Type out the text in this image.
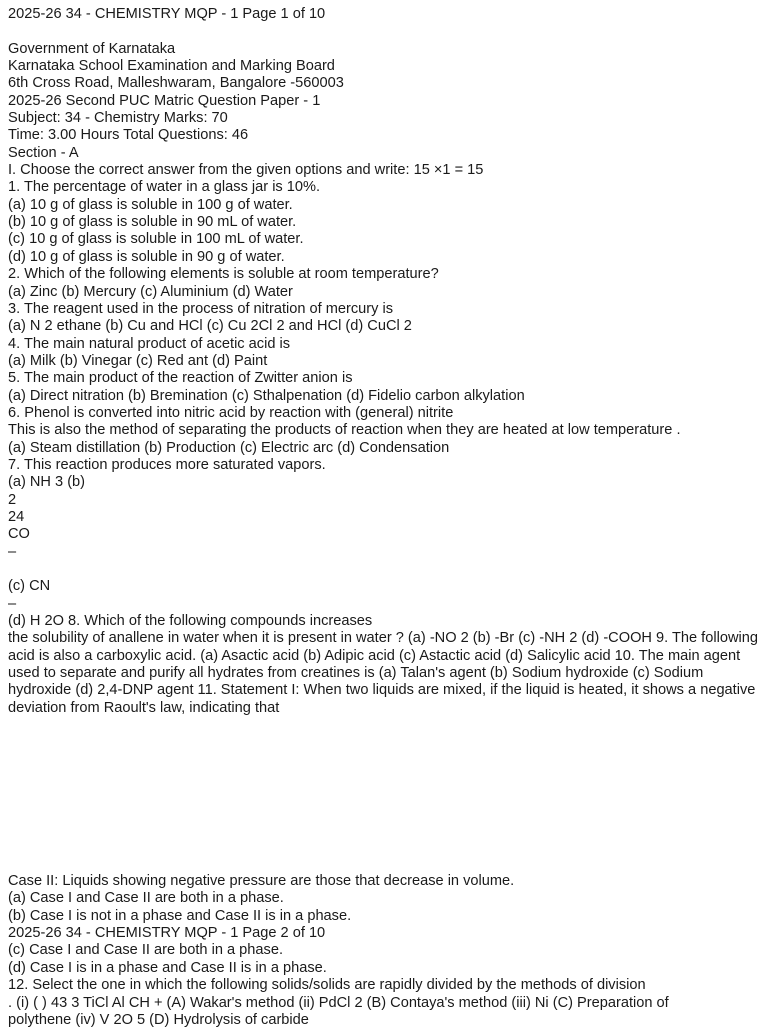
2025-26 34 - CHEMISTRY MQP - 1 Page 1 of 10

Government of Karnataka

Karnataka School Examination and Marking Board

6th Cross Road, Malleshwaram, Bangalore -560003

2025-26 Second PUC Matric Question Paper - 1

Subject: 34 - Chemistry Marks: 70

Time: 3.00 Hours Total Questions: 46

Section - A

I. Choose the correct answer from the given options and write: 15 ×1 = 15

1. The percentage of water in a glass jar is 10%.

(a) 10 g of glass is soluble in 100 g of water.

(b) 10 g of glass is soluble in 90 mL of water.

(c) 10 g of glass is soluble in 100 mL of water.

(d) 10 g of glass is soluble in 90 g of water.

2. Which of the following elements is soluble at room temperature?

(a) Zinc (b) Mercury (c) Aluminium (d) Water

3. The reagent used in the process of nitration of mercury is

(a) N 2 ethane (b) Cu and HCl (c) Cu 2Cl 2 and HCl (d) CuCl 2

4. The main natural product of acetic acid is

(a) Milk (b) Vinegar (c) Red ant (d) Paint

5. The main product of the reaction of Zwitter anion is

(a) Direct nitration (b) Bremination (c) Sthalpenation (d) Fidelio carbon alkylation

6. Phenol is converted into nitric acid by reaction with (general) nitrite

This is also the method of separating the products of reaction when they are heated at low temperature .

(a) Steam distillation (b) Production (c) Electric arc (d) Condensation

7. This reaction produces more saturated vapors.

(a) NH 3 (b)

2

24

CO

–

(c) CN

–

(d) H 2O 8. Which of the following compounds increases

the solubility of anallene in water when it is present in water ? (a) -NO 2 (b) -Br (c) -NH 2 (d) -COOH 9. The following acid is also a carboxylic acid. (a) Asactic acid (b) Adipic acid (c) Astactic acid (d) Salicylic acid 10. The main agent used to separate and purify all hydrates from creatines is (a) Talan's agent (b) Sodium hydroxide (c) Sodium hydroxide (d) 2,4-DNP agent 11. Statement I: When two liquids are mixed, if the liquid is heated, it shows a negative deviation from Raoult's law, indicating that

Case II: Liquids showing negative pressure are those that decrease in volume.

(a) Case I and Case II are both in a phase.

(b) Case I is not in a phase and Case II is in a phase.

2025-26 34 - CHEMISTRY MQP - 1 Page 2 of 10

(c) Case I and Case II are both in a phase.

(d) Case I is in a phase and Case II is in a phase.

12. Select the one in which the following solids/solids are rapidly divided by the methods of division

. (i) ( ) 43 3 TiCl Al CH + (A) Wakar's method (ii) PdCl 2 (B) Contaya's method (iii) Ni (C) Preparation of

polythene (iv) V 2O 5 (D) Hydrolysis of carbide
